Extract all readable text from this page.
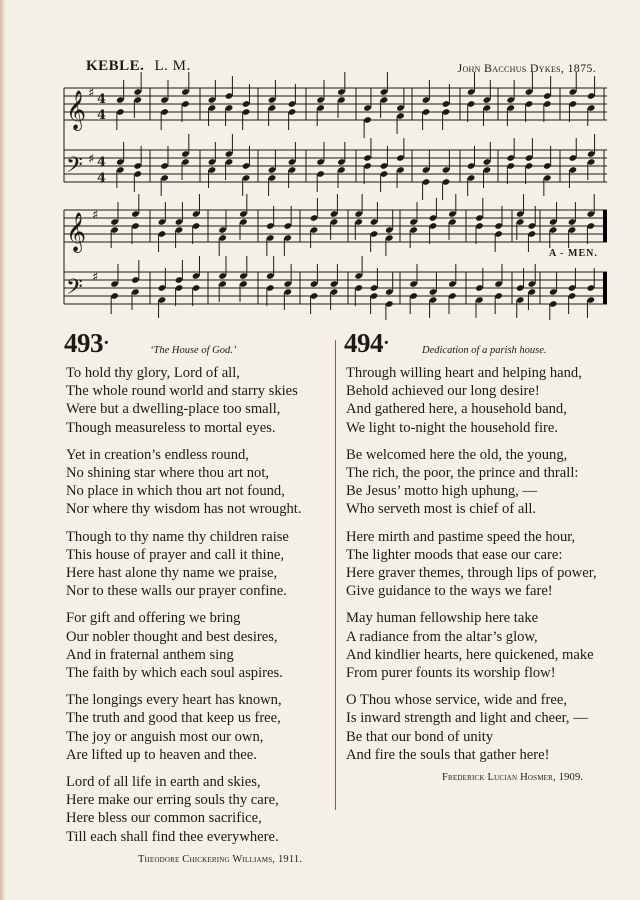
KEBLE. L. M.	John Bacchus Dykes, 1875.
𝄞
𝄢
𝄞
𝄢
♯ 4
4
♯ 4
4
♯
♯
A - MEN.
493·	‘The House of God.’
To hold thy glory, Lord of all,
The whole round world and starry skies
Were but a dwelling-place too small,
Though measureless to mortal eyes.
Yet in creation’s endless round,
No shining star where thou art not,
No place in which thou art not found,
Nor where thy wisdom has not wrought.
Though to thy name thy children raise
This house of prayer and call it thine,
Here hast alone thy name we praise,
Nor to these walls our prayer confine.
For gift and offering we bring
Our nobler thought and best desires,
And in fraternal anthem sing
The faith by which each soul aspires.
The longings every heart has known,
The truth and good that keep us free,
The joy or anguish most our own,
Are lifted up to heaven and thee.
Lord of all life in earth and skies,
Here make our erring souls thy care,
Here bless our common sacrifice,
Till each shall find thee everywhere.
Theodore Chickering Williams, 1911.
494·	Dedication of a parish house.
Through willing heart and helping hand,
Behold achieved our long desire!
And gathered here, a household band,
We light to-night the household fire.
Be welcomed here the old, the young,
The rich, the poor, the prince and thrall:
Be Jesus’ motto high uphung, —
Who serveth most is chief of all.
Here mirth and pastime speed the hour,
The lighter moods that ease our care:
Here graver themes, through lips of power,
Give guidance to the ways we fare!
May human fellowship here take
A radiance from the altar’s glow,
And kindlier hearts, here quickened, make
From purer founts its worship flow!
O Thou whose service, wide and free,
Is inward strength and light and cheer, —
Be that our bond of unity
And fire the souls that gather here!
Frederick Lucian Hosmer, 1909.
